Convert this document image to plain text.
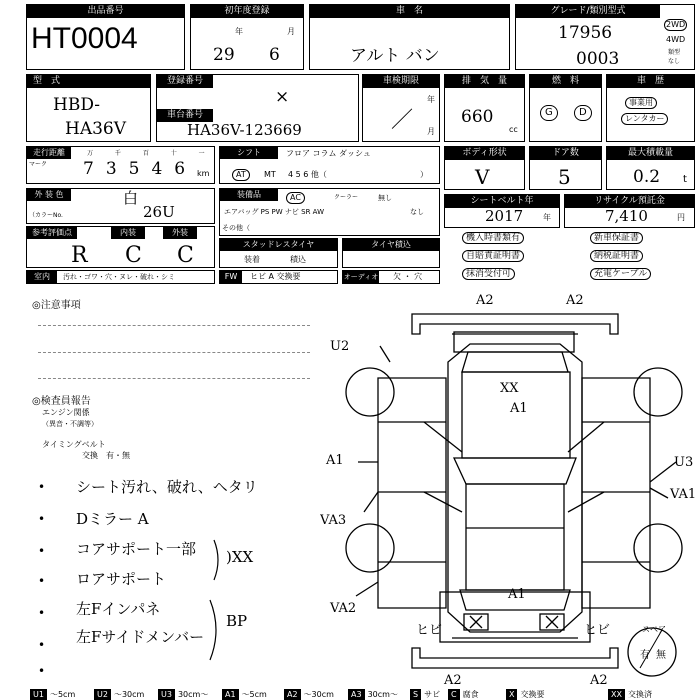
出品番号
HT0004
初年度登録
年	月
29 6
車　名
アルト バン
グレード/類別型式
17956
0003
2WD
4WD
類型
なし
型　式
HBD-
HA36V
登録番号
×
車台番号
HA36V-123669
車検期限
年
月
／
排　気　量
660
cc
燃　料
G	D
車　歴
事業用
レンタカー
走行距離
マーク
万 千 百 十 一
73546 km
シフト	フロア コラム ダッシュ
AT	MT 4 5 6 他（	）
ボディ形状
V
ドア数
5
最大積載量
0.2 t
外 装 色
（カラーNo.
白
26U
装備品	AC	クーラー	無し
エアバッグ PS PW ナビ SR AW	なし
その他（
シートベルト年
2017 年
リサイクル預託金
7,410	円
参考評価点
R
内装
C
外装
C	スタッドレスタイヤ
装着	積込
タイヤ積込
機入時書類有	新車保証書
自賠責証明書	納税証明書
抹消受付可	充電ケーブル
室内	汚れ・ゴワ・穴・ヌレ・破れ・シミ	FW	ヒビ A 交換要	オーディオ 欠 ・ 穴
◎注意事項
◎検査員報告
エンジン関係
（異音・不調等）
タイミングベルト
交換　有・無
• シート汚れ、破れ、ヘタリ
• Dミラー A
• コアサポート一部 )XX
• ロアサポート
• 左Fインパネ
BP
• 左Fサイドメンバー
•
A2	A2
U2
XX
A1
U3
VA1
A1
VA3
VA2
A1
ヒビ	ヒビ
A2	A2
スペア
有 無
U1 〜5cm	U2 〜30cm	U3 30cm〜	A1 〜5cm	A2 〜30cm	A3 30cm〜	S サビ	C 腐食	X 交換要	XX 交換済
